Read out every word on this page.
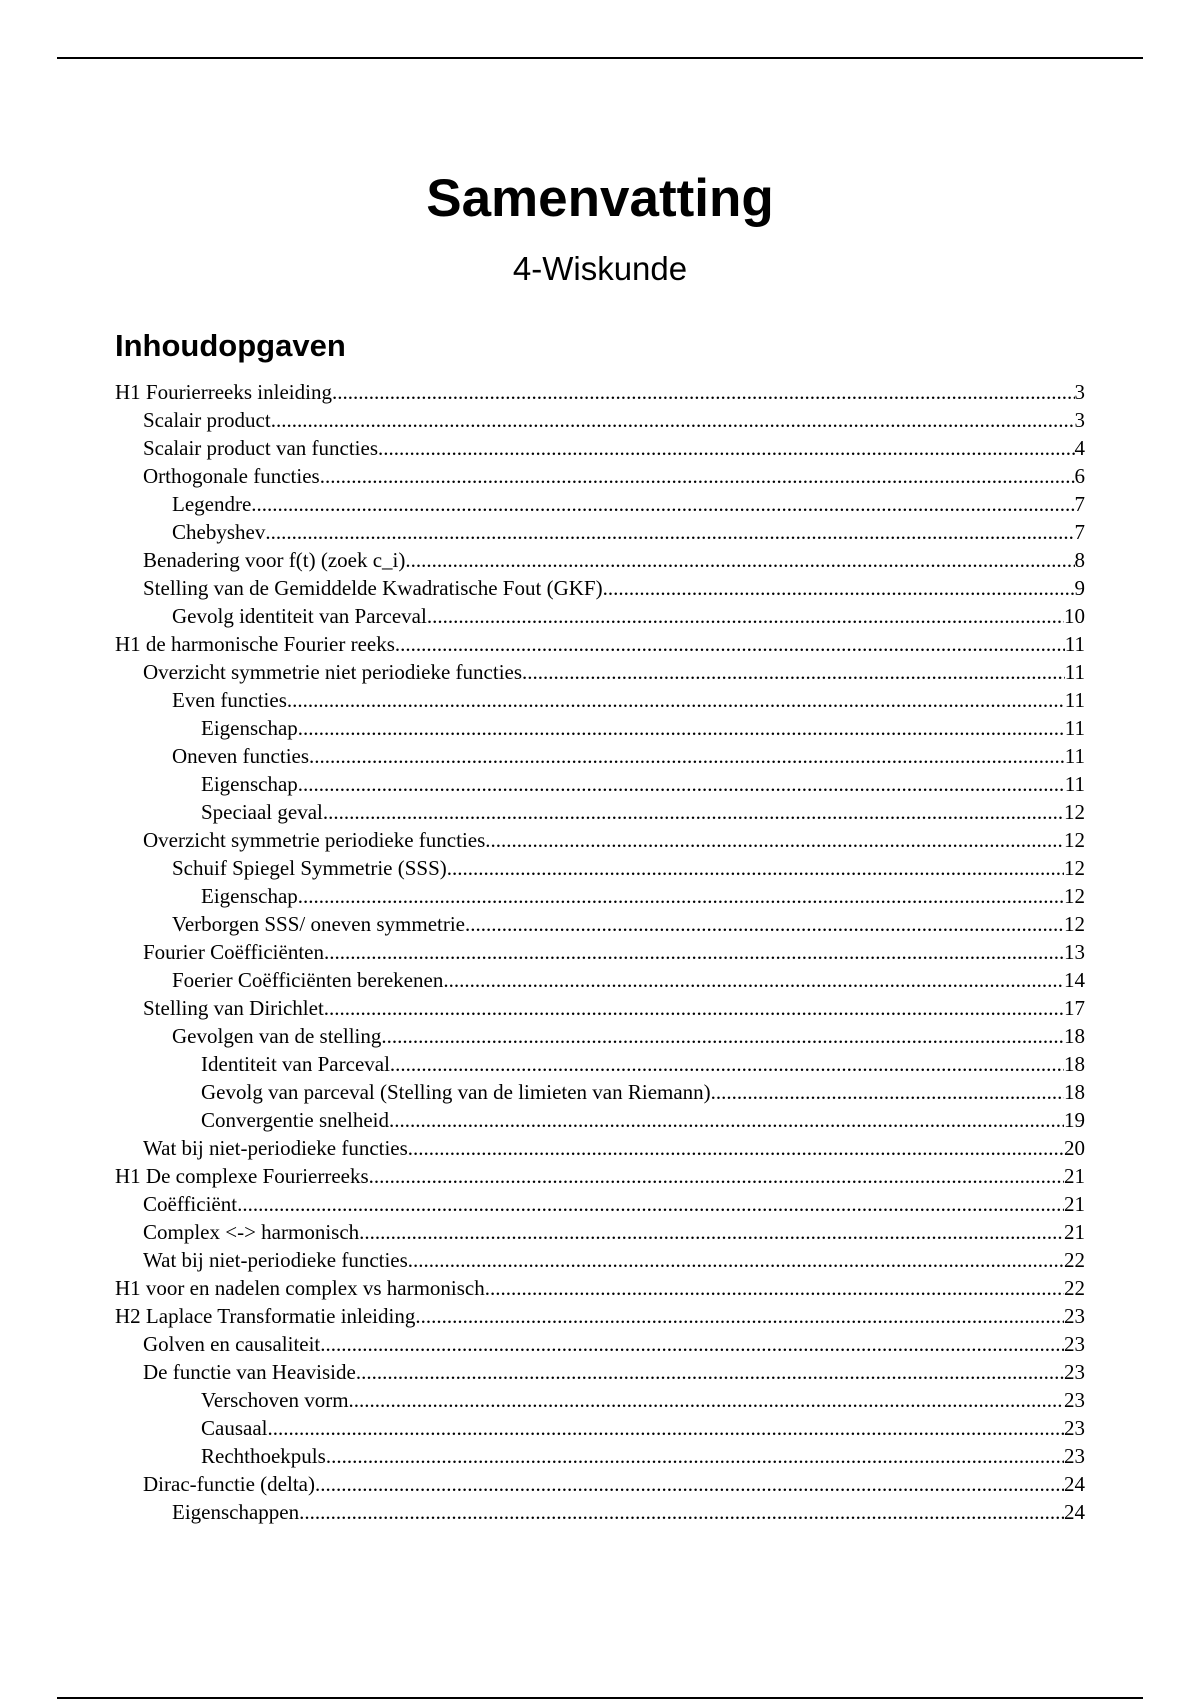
Samenvatting
4-Wiskunde
Inhoudopgaven
H1 Fourierreeks inleiding .....	3
Scalair product .....	3
Scalair product van functies .....	4
Orthogonale functies .....	6
Legendre .....	7
Chebyshev .....	7
Benadering voor f(t) (zoek c_i) .....	8
Stelling van de Gemiddelde Kwadratische Fout (GKF) .....	9
Gevolg identiteit van Parceval .....	10
H1 de harmonische Fourier reeks .....	11
Overzicht symmetrie niet periodieke functies .....	11
Even functies .....	11
Eigenschap .....	11
Oneven functies .....	11
Eigenschap .....	11
Speciaal geval .....	12
Overzicht symmetrie periodieke functies .....	12
Schuif Spiegel Symmetrie (SSS) .....	12
Eigenschap .....	12
Verborgen SSS/ oneven symmetrie .....	12
Fourier Coëfficiënten .....	13
Foerier Coëfficiënten berekenen .....	14
Stelling van Dirichlet .....	17
Gevolgen van de stelling .....	18
Identiteit van Parceval .....	18
Gevolg van parceval (Stelling van de limieten van Riemann) .....	18
Convergentie snelheid .....	19
Wat bij niet-periodieke functies .....	20
H1 De complexe Fourierreeks .....	21
Coëfficiënt .....	21
Complex <-> harmonisch .....	21
Wat bij niet-periodieke functies .....	22
H1 voor en nadelen complex vs harmonisch .....	22
H2 Laplace Transformatie inleiding .....	23
Golven en causaliteit .....	23
De functie van Heaviside .....	23
Verschoven vorm .....	23
Causaal .....	23
Rechthoekpuls .....	23
Dirac-functie (delta) .....	24
Eigenschappen .....	24
